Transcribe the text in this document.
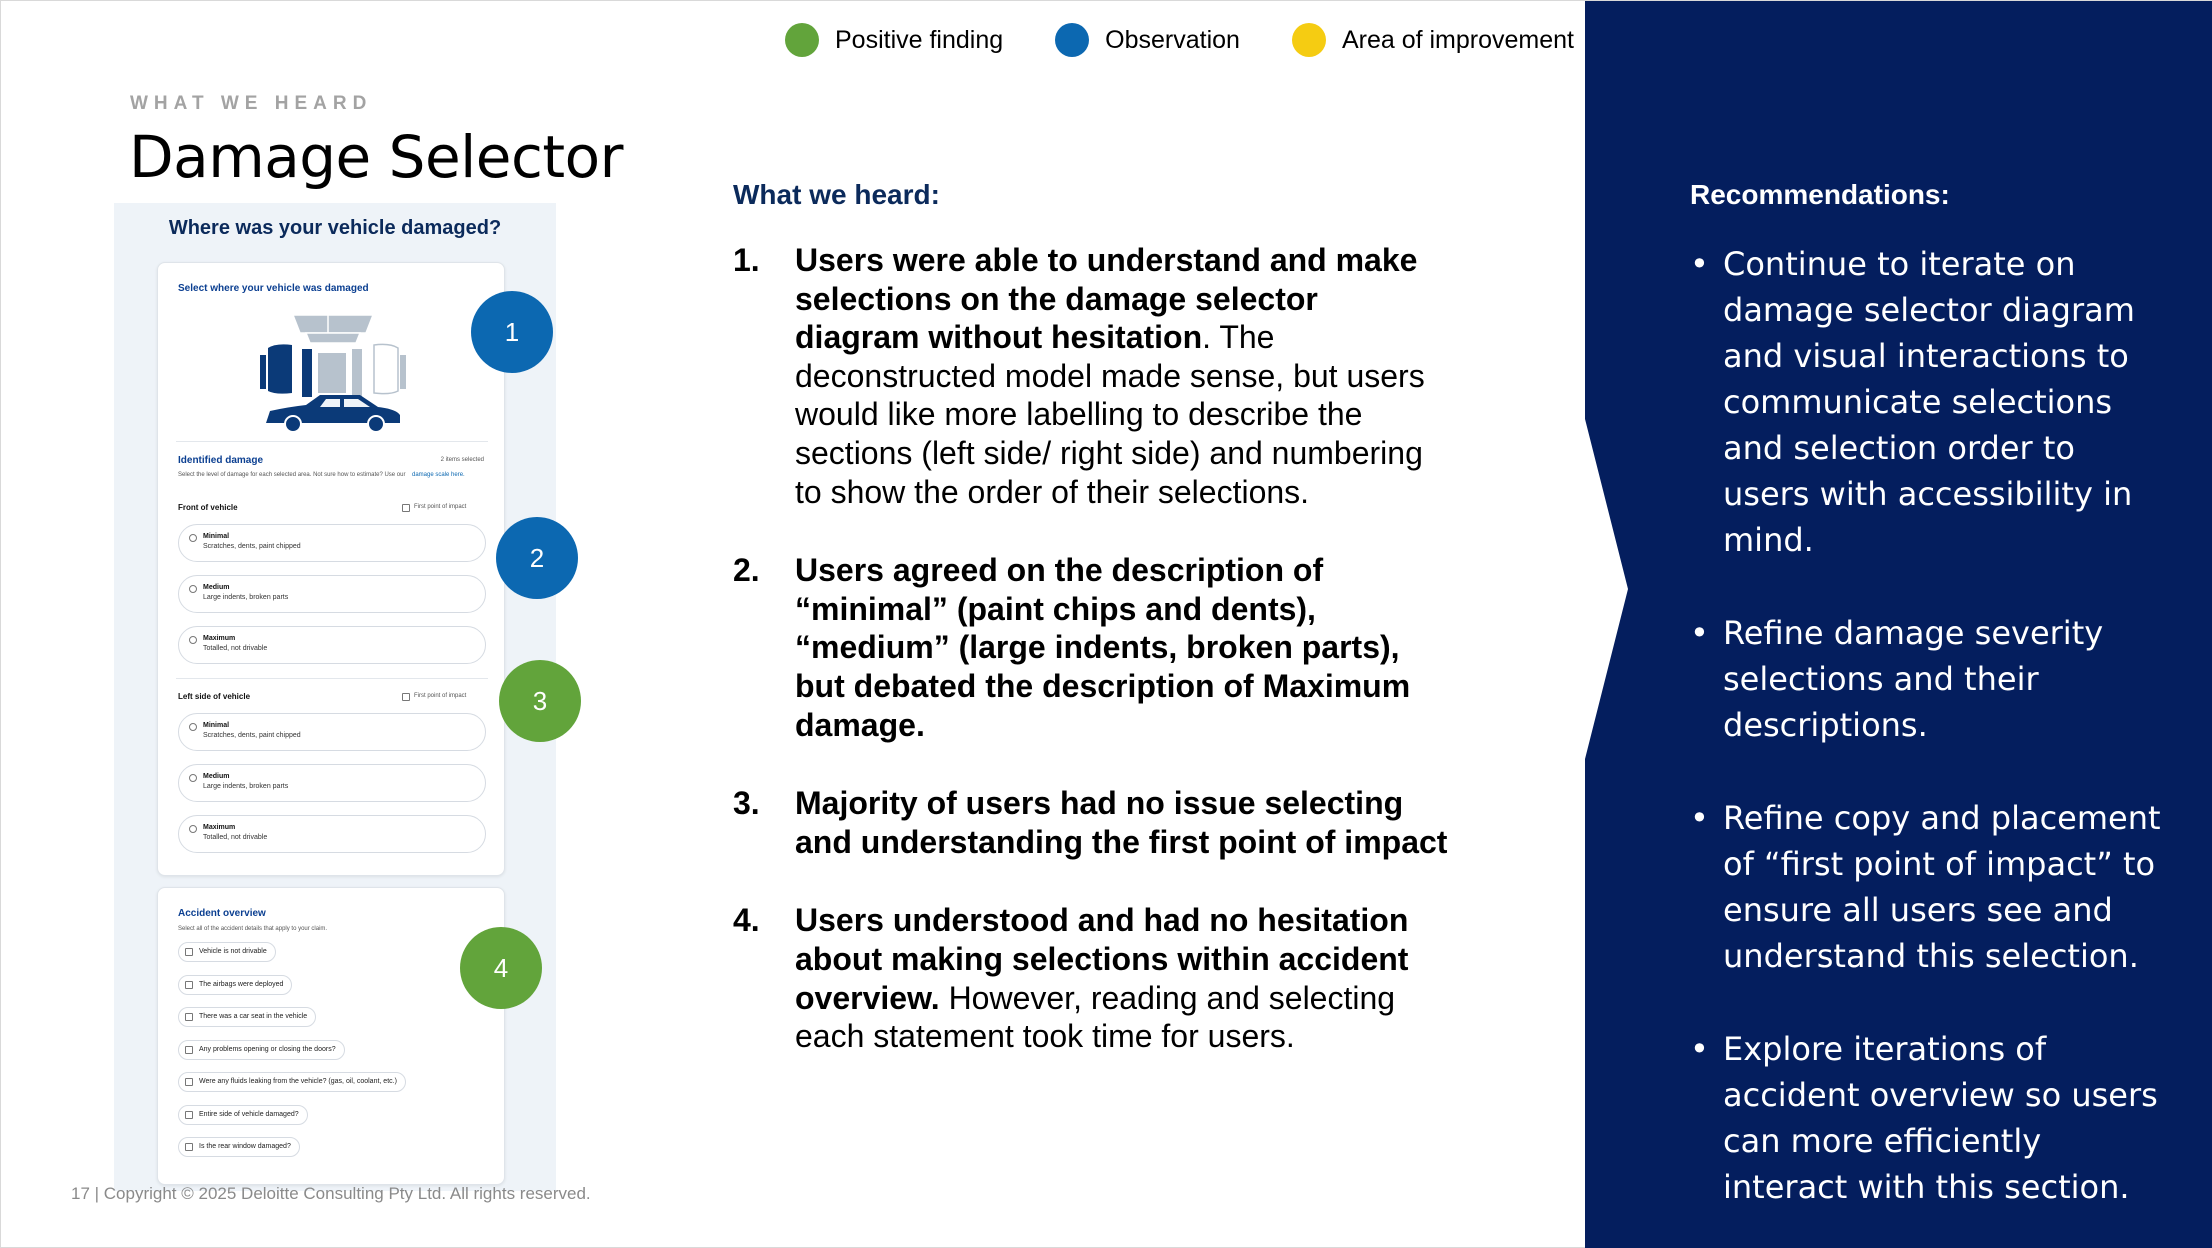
Positive finding	Observation	Area of improvement
WHAT WE HEARD
Damage Selector
Where was your vehicle damaged?
Select where your vehicle was damaged
Identified damage	2 items selected
Select the level of damage for each selected area. Not sure how to estimate? Use our	damage scale here.
Front of vehicle	First point of impact
Minimal
Scratches, dents, paint chipped
Medium
Large indents, broken parts
Maximum
Totalled, not drivable
Left side of vehicle	First point of impact
Minimal
Scratches, dents, paint chipped
Medium
Large indents, broken parts
Maximum
Totalled, not drivable
Accident overview
Select all of the accident details that apply to your claim.
Vehicle is not drivable
The airbags were deployed
There was a car seat in the vehicle
Any problems opening or closing the doors?
Were any fluids leaking from the vehicle? (gas, oil, coolant, etc.)
Entire side of vehicle damaged?
Is the rear window damaged?
1
2
3
4
What we heard:
1. Users were able to understand and make selections on the damage selector diagram without hesitation. The deconstructed model made sense, but users would like more labelling to describe the sections (left side/ right side) and numbering to show the order of their selections.
2. Users agreed on the description of “minimal” (paint chips and dents), “medium” (large indents, broken parts), but debated the description of Maximum damage.
3. Majority of users had no issue selecting and understanding the first point of impact
4. Users understood and had no hesitation about making selections within accident overview. However, reading and selecting each statement took time for users.
Recommendations:
• Continue to iterate on damage selector diagram and visual interactions to communicate selections and selection order to users with accessibility in mind.
• Refine damage severity selections and their descriptions.
• Refine copy and placement of “first point of impact” to ensure all users see and understand this selection.
• Explore iterations of accident overview so users can more efficiently interact with this section.
17 | Copyright © 2025 Deloitte Consulting Pty Ltd. All rights reserved.
